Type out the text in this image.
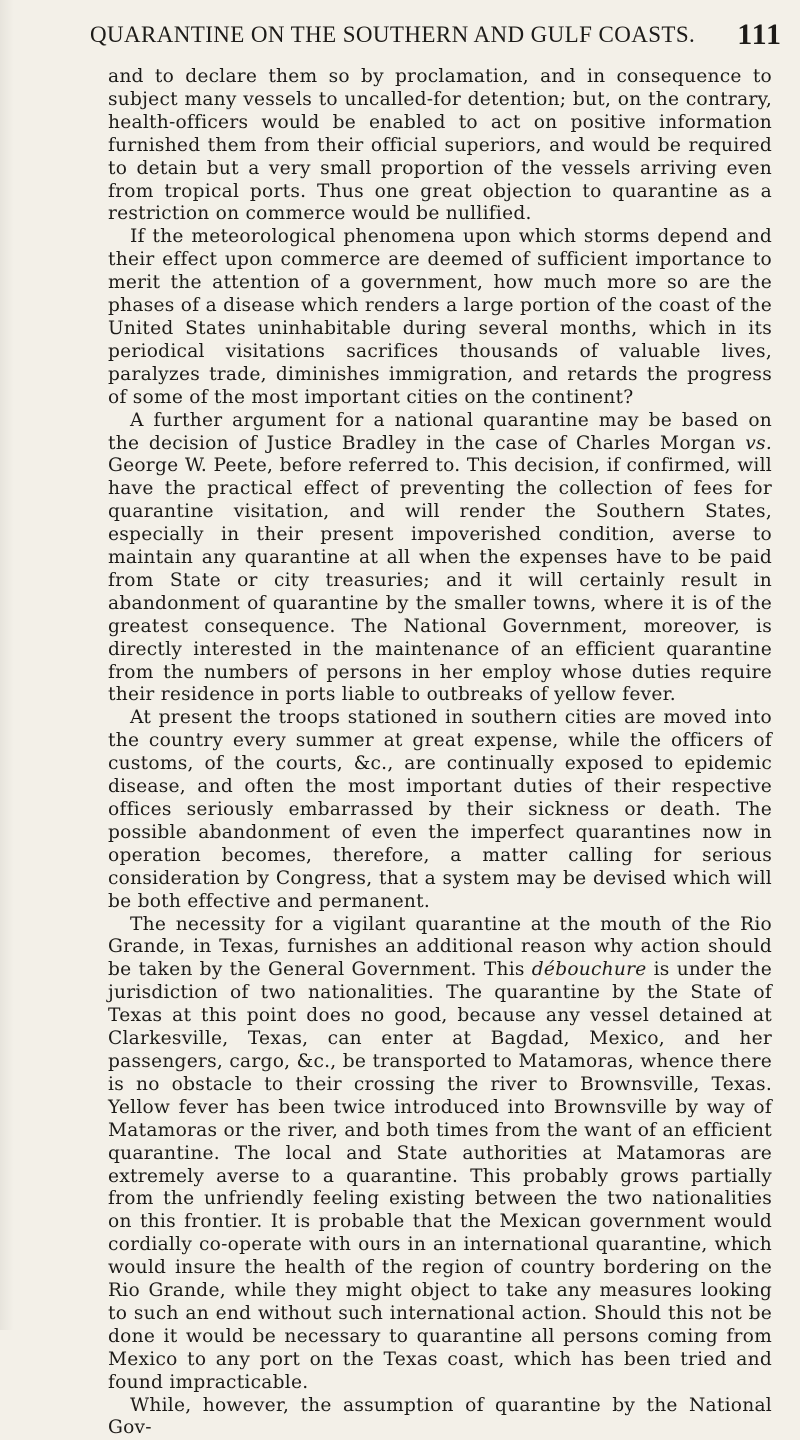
QUARANTINE ON THE SOUTHERN AND GULF COASTS. 111

and to declare them so by proclamation, and in consequence to subject many vessels to uncalled-for detention; but, on the contrary, health-officers would be enabled to act on positive information furnished them from their official superiors, and would be required to detain but a very small proportion of the vessels arriving even from tropical ports. Thus one great objection to quarantine as a restriction on commerce would be nullified.

If the meteorological phenomena upon which storms depend and their effect upon commerce are deemed of sufficient importance to merit the attention of a government, how much more so are the phases of a disease which renders a large portion of the coast of the United States uninhabitable during several months, which in its periodical visitations sacrifices thousands of valuable lives, paralyzes trade, diminishes immigration, and retards the progress of some of the most important cities on the continent?

A further argument for a national quarantine may be based on the decision of Justice Bradley in the case of Charles Morgan vs. George W. Peete, before referred to. This decision, if confirmed, will have the practical effect of preventing the collection of fees for quarantine visitation, and will render the Southern States, especially in their present impoverished condition, averse to maintain any quarantine at all when the expenses have to be paid from State or city treasuries; and it will certainly result in abandonment of quarantine by the smaller towns, where it is of the greatest consequence. The National Government, moreover, is directly interested in the maintenance of an efficient quarantine from the numbers of persons in her employ whose duties require their residence in ports liable to outbreaks of yellow fever.

At present the troops stationed in southern cities are moved into the country every summer at great expense, while the officers of customs, of the courts, &c., are continually exposed to epidemic disease, and often the most important duties of their respective offices seriously embarrassed by their sickness or death. The possible abandonment of even the imperfect quarantines now in operation becomes, therefore, a matter calling for serious consideration by Congress, that a system may be devised which will be both effective and permanent.

The necessity for a vigilant quarantine at the mouth of the Rio Grande, in Texas, furnishes an additional reason why action should be taken by the General Government. This débouchure is under the jurisdiction of two nationalities. The quarantine by the State of Texas at this point does no good, because any vessel detained at Clarkesville, Texas, can enter at Bagdad, Mexico, and her passengers, cargo, &c., be transported to Matamoras, whence there is no obstacle to their crossing the river to Brownsville, Texas. Yellow fever has been twice introduced into Brownsville by way of Matamoras or the river, and both times from the want of an efficient quarantine. The local and State authorities at Matamoras are extremely averse to a quarantine. This probably grows partially from the unfriendly feeling existing between the two nationalities on this frontier. It is probable that the Mexican government would cordially co-operate with ours in an international quarantine, which would insure the health of the region of country bordering on the Rio Grande, while they might object to take any measures looking to such an end without such international action. Should this not be done it would be necessary to quarantine all persons coming from Mexico to any port on the Texas coast, which has been tried and found impracticable.

While, however, the assumption of quarantine by the National Gov-
